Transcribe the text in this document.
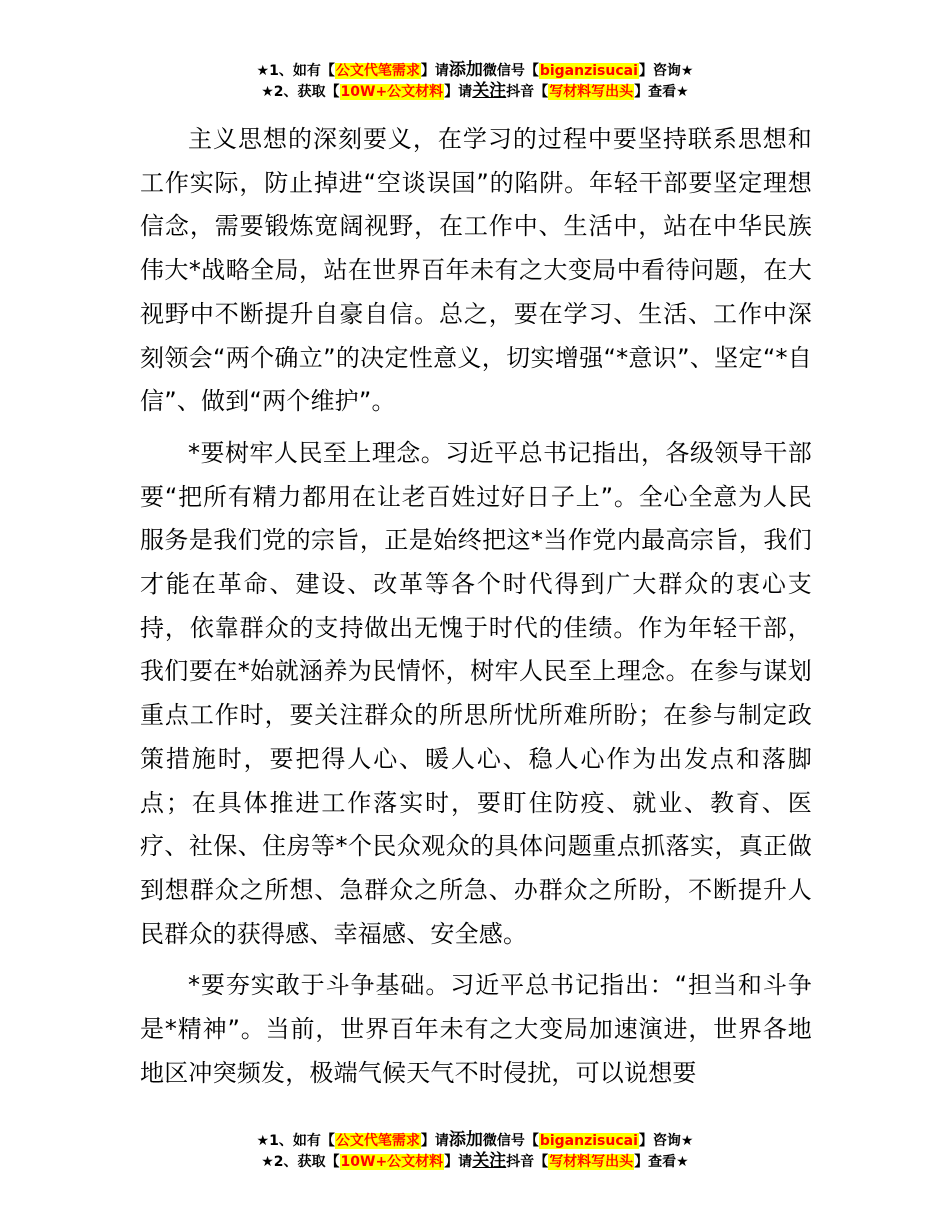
★1、如有【公文代笔需求】请添加微信号【biganzisucai】咨询★
★2、获取【10W+公文材料】请关注抖音【写材料写出头】查看★

主义思想的深刻要义，在学习的过程中要坚持联系思想和工作实际，防止掉进“空谈误国”的陷阱。年轻干部要坚定理想信念，需要锻炼宽阔视野，在工作中、生活中，站在中华民族伟大*战略全局，站在世界百年未有之大变局中看待问题，在大视野中不断提升自豪自信。总之，要在学习、生活、工作中深刻领会“两个确立”的决定性意义，切实增强“*意识”、坚定“*自信”、做到“两个维护”。

*要树牢人民至上理念。习近平总书记指出，各级领导干部要“把所有精力都用在让老百姓过好日子上”。全心全意为人民服务是我们党的宗旨，正是始终把这*当作党内最高宗旨，我们才能在革命、建设、改革等各个时代得到广大群众的衷心支持，依靠群众的支持做出无愧于时代的佳绩。作为年轻干部，我们要在*始就涵养为民情怀，树牢人民至上理念。在参与谋划重点工作时，要关注群众的所思所忧所难所盼；在参与制定政策措施时，要把得人心、暖人心、稳人心作为出发点和落脚点；在具体推进工作落实时，要盯住防疫、就业、教育、医疗、社保、住房等*个民众观众的具体问题重点抓落实，真正做到想群众之所想、急群众之所急、办群众之所盼，不断提升人民群众的获得感、幸福感、安全感。

*要夯实敢于斗争基础。习近平总书记指出：“担当和斗争是*精神”。当前，世界百年未有之大变局加速演进，世界各地地区冲突频发，极端气候天气不时侵扰，可以说想要

★1、如有【公文代笔需求】请添加微信号【biganzisucai】咨询★
★2、获取【10W+公文材料】请关注抖音【写材料写出头】查看★
